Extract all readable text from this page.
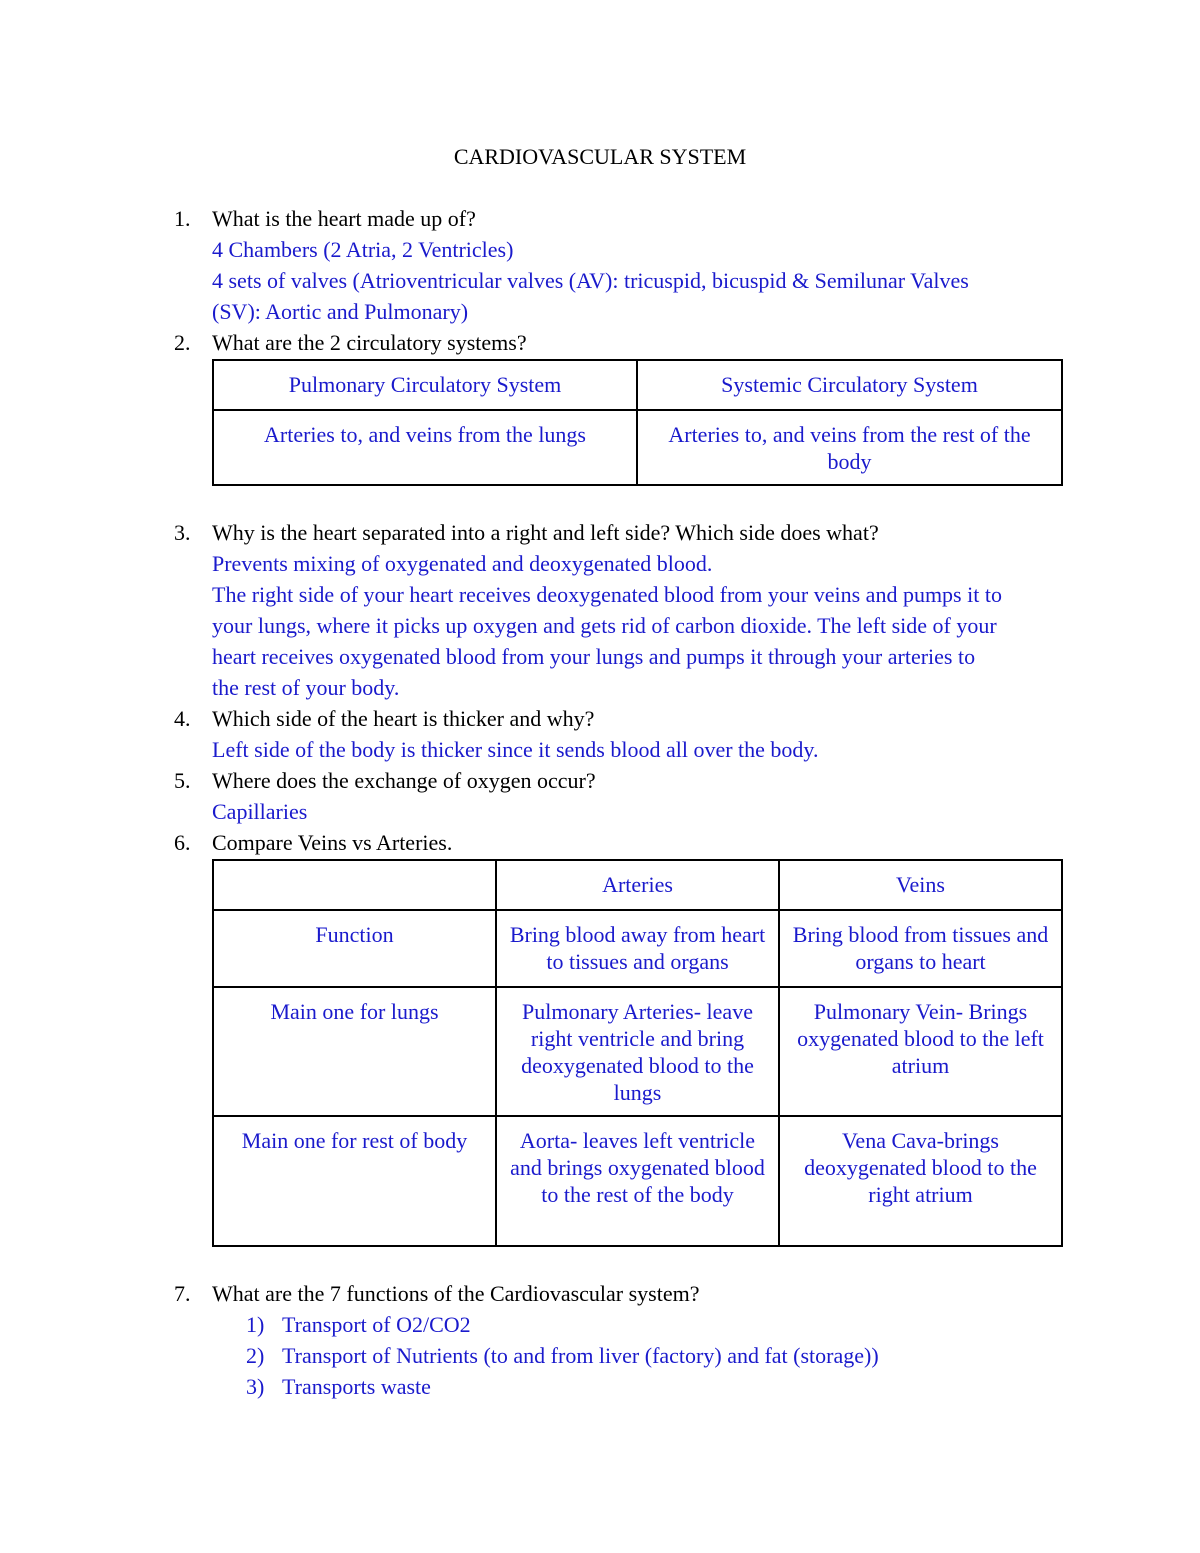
CARDIOVASCULAR SYSTEM
1. What is the heart made up of?
4 Chambers (2 Atria, 2 Ventricles)
4 sets of valves (Atrioventricular valves (AV): tricuspid, bicuspid & Semilunar Valves
(SV): Aortic and Pulmonary)
2. What are the 2 circulatory systems?
Pulmonary Circulatory System	Systemic Circulatory System
Arteries to, and veins from the lungs	Arteries to, and veins from the rest of the body
3. Why is the heart separated into a right and left side? Which side does what?
Prevents mixing of oxygenated and deoxygenated blood.
The right side of your heart receives deoxygenated blood from your veins and pumps it to
your lungs, where it picks up oxygen and gets rid of carbon dioxide. The left side of your
heart receives oxygenated blood from your lungs and pumps it through your arteries to
the rest of your body.
4. Which side of the heart is thicker and why?
Left side of the body is thicker since it sends blood all over the body.
5. Where does the exchange of oxygen occur?
Capillaries
6. Compare Veins vs Arteries.
	Arteries	Veins
Function	Bring blood away from heart to tissues and organs	Bring blood from tissues and organs to heart
Main one for lungs	Pulmonary Arteries- leave right ventricle and bring deoxygenated blood to the lungs	Pulmonary Vein- Brings oxygenated blood to the left atrium
Main one for rest of body	Aorta- leaves left ventricle and brings oxygenated blood to the rest of the body	Vena Cava-brings deoxygenated blood to the right atrium
7. What are the 7 functions of the Cardiovascular system?
1) Transport of O2/CO2
2) Transport of Nutrients (to and from liver (factory) and fat (storage))
3) Transports waste
